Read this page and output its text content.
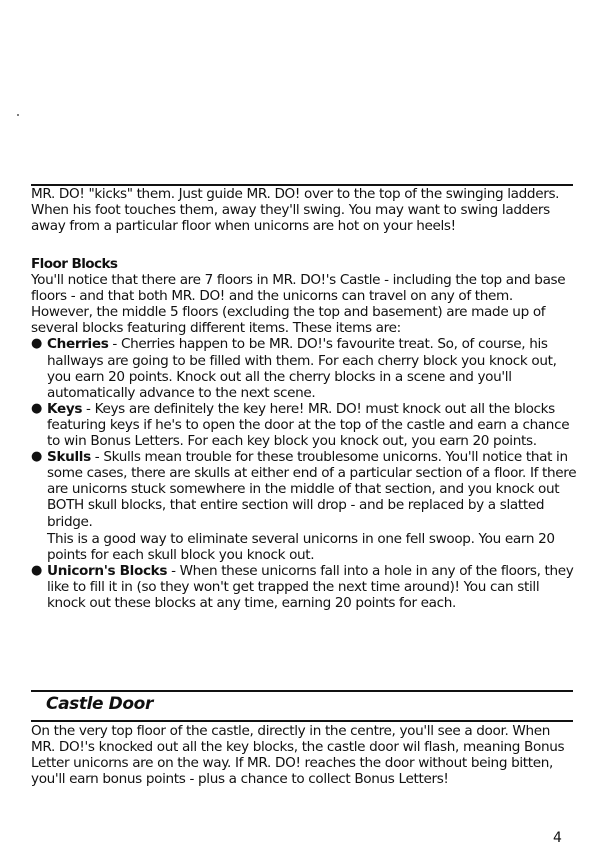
MR. DO! "kicks" them. Just guide MR. DO! over to the top of the swinging ladders. When his foot touches them, away they'll swing. You may want to swing ladders away from a particular floor when unicorns are hot on your heels!

Floor Blocks

You'll notice that there are 7 floors in MR. DO!'s Castle - including the top and base floors - and that both MR. DO! and the unicorns can travel on any of them. However, the middle 5 floors (excluding the top and basement) are made up of several blocks featuring different items. These items are:

● Cherries - Cherries happen to be MR. DO!'s favourite treat. So, of course, his hallways are going to be filled with them. For each cherry block you knock out, you earn 20 points. Knock out all the cherry blocks in a scene and you'll automatically advance to the next scene.
● Keys - Keys are definitely the key here! MR. DO! must knock out all the blocks featuring keys if he's to open the door at the top of the castle and earn a chance to win Bonus Letters. For each key block you knock out, you earn 20 points.
● Skulls - Skulls mean trouble for these troublesome unicorns. You'll notice that in some cases, there are skulls at either end of a particular section of a floor. If there are unicorns stuck somewhere in the middle of that section, and you knock out BOTH skull blocks, that entire section will drop - and be replaced by a slatted bridge.
This is a good way to eliminate several unicorns in one fell swoop. You earn 20 points for each skull block you knock out.
● Unicorn's Blocks - When these unicorns fall into a hole in any of the floors, they like to fill it in (so they won't get trapped the next time around)! You can still knock out these blocks at any time, earning 20 points for each.
Castle Door

On the very top floor of the castle, directly in the centre, you'll see a door. When MR. DO!'s knocked out all the key blocks, the castle door wil flash, meaning Bonus Letter unicorns are on the way. If MR. DO! reaches the door without being bitten, you'll earn bonus points - plus a chance to collect Bonus Letters!

4
